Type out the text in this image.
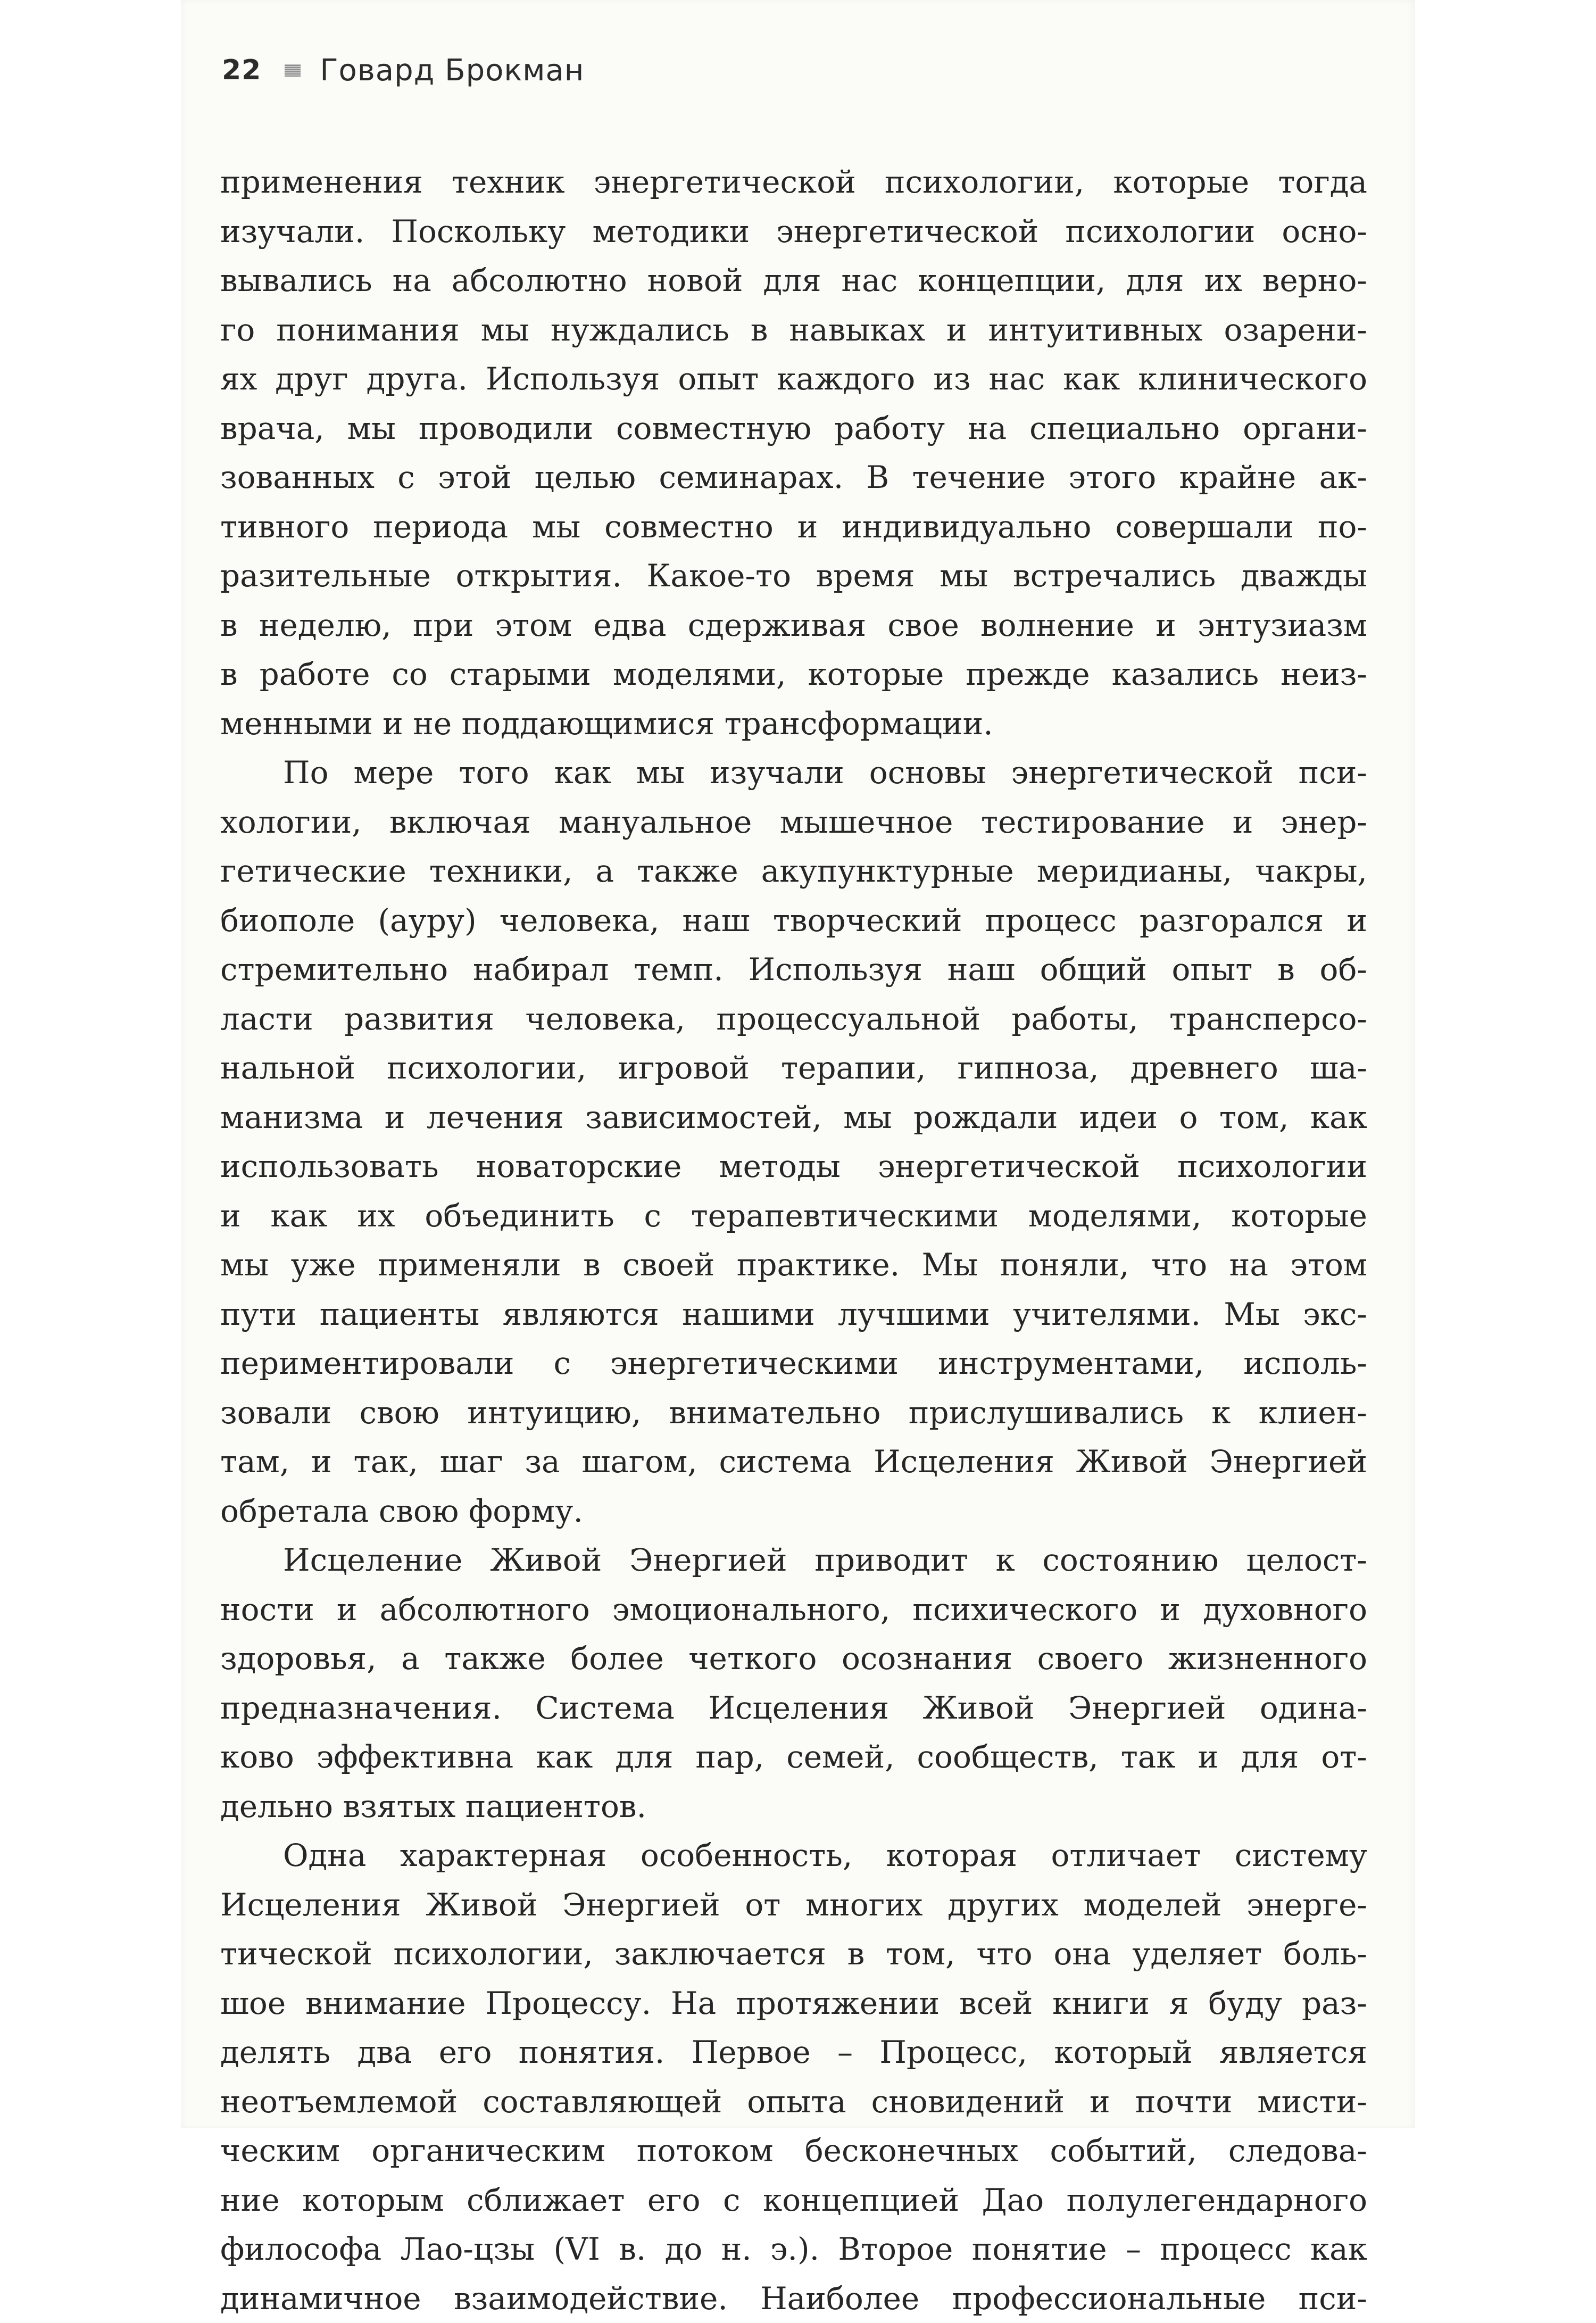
22 Говард Брокман
применения техник энергетической психологии, которые тогда
изучали. Поскольку методики энергетической психологии осно-
вывались на абсолютно новой для нас концепции, для их верно-
го понимания мы нуждались в навыках и интуитивных озарени-
ях друг друга. Используя опыт каждого из нас как клинического
врача, мы проводили совместную работу на специально органи-
зованных с этой целью семинарах. В течение этого крайне ак-
тивного периода мы совместно и индивидуально совершали по-
разительные открытия. Какое-то время мы встречались дважды
в неделю, при этом едва сдерживая свое волнение и энтузиазм
в работе со старыми моделями, которые прежде казались неиз-
менными и не поддающимися трансформации.
По мере того как мы изучали основы энергетической пси-
хологии, включая мануальное мышечное тестирование и энер-
гетические техники, а также акупунктурные меридианы, чакры,
биополе (ауру) человека, наш творческий процесс разгорался и
стремительно набирал темп. Используя наш общий опыт в об-
ласти развития человека, процессуальной работы, трансперсо-
нальной психологии, игровой терапии, гипноза, древнего ша-
манизма и лечения зависимостей, мы рождали идеи о том, как
использовать новаторские методы энергетической психологии
и как их объединить с терапевтическими моделями, которые
мы уже применяли в своей практике. Мы поняли, что на этом
пути пациенты являются нашими лучшими учителями. Мы экс-
периментировали с энергетическими инструментами, исполь-
зовали свою интуицию, внимательно прислушивались к клиен-
там, и так, шаг за шагом, система Исцеления Живой Энергией
обретала свою форму.
Исцеление Живой Энергией приводит к состоянию целост-
ности и абсолютного эмоционального, психического и духовного
здоровья, а также более четкого осознания своего жизненного
предназначения. Система Исцеления Живой Энергией одина-
ково эффективна как для пар, семей, сообществ, так и для от-
дельно взятых пациентов.
Одна характерная особенность, которая отличает систему
Исцеления Живой Энергией от многих других моделей энерге-
тической психологии, заключается в том, что она уделяет боль-
шое внимание Процессу. На протяжении всей книги я буду раз-
делять два его понятия. Первое – Процесс, который является
неотъемлемой составляющей опыта сновидений и почти мисти-
ческим органическим потоком бесконечных событий, следова-
ние которым сближает его с концепцией Дао полулегендарного
философа Лао-цзы (VI в. до н. э.). Второе понятие – процесс как
динамичное взаимодействие. Наиболее профессиональные пси-
